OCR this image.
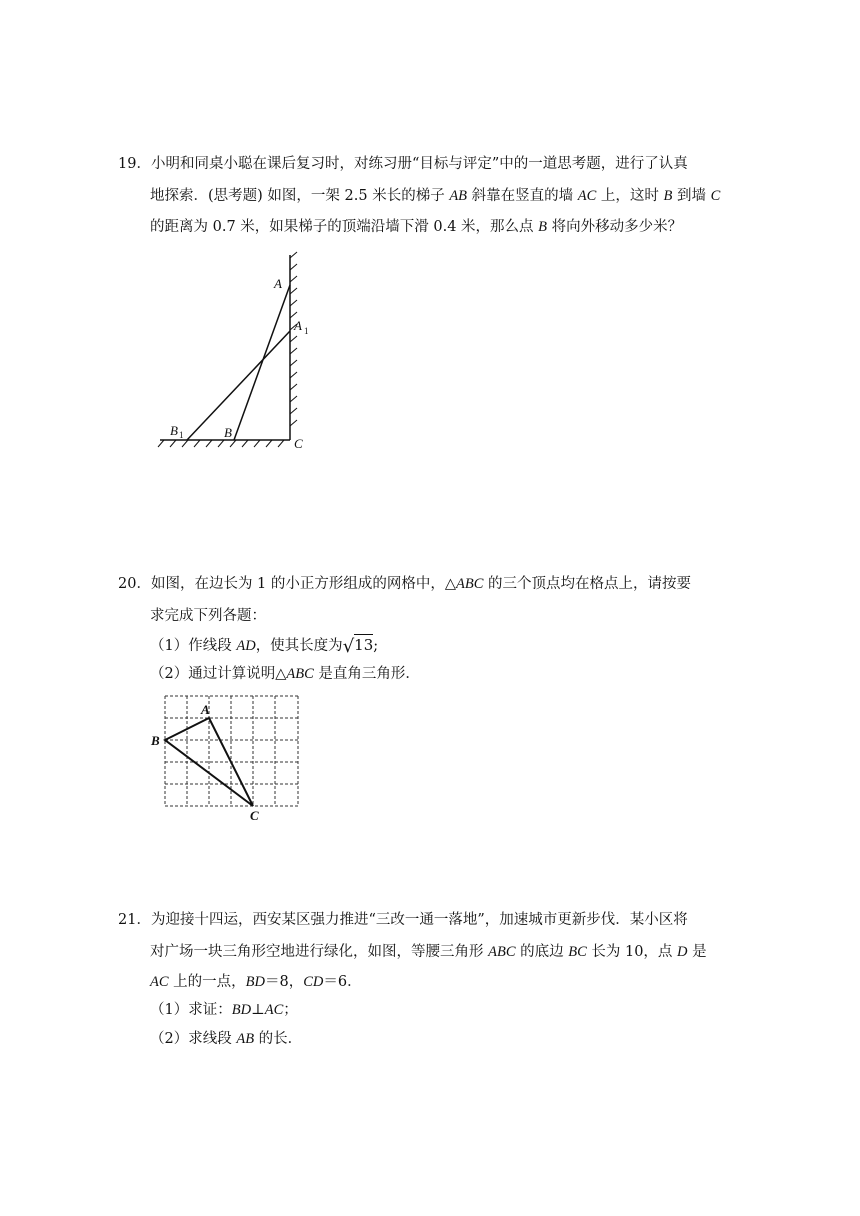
19．小明和同桌小聪在课后复习时，对练习册“目标与评定”中的一道思考题，进行了认真
地探索．(思考题) 如图，一架 2.5 米长的梯子 AB 斜靠在竖直的墙 AC 上，这时 B 到墙 C
的距离为 0.7 米，如果梯子的顶端沿墙下滑 0.4 米，那么点 B 将向外移动多少米？
A
A 1
B 1	B
C
20．如图，在边长为 1 的小正方形组成的网格中，△ABC 的三个顶点均在格点上，请按要
求完成下列各题：
（1）作线段 AD，使其长度为√13;
（2）通过计算说明△ABC 是直角三角形．
A
B
C
21．为迎接十四运，西安某区强力推进“三改一通一落地”，加速城市更新步伐．某小区将
对广场一块三角形空地进行绿化，如图，等腰三角形 ABC 的底边 BC 长为 10，点 D 是
AC 上的一点，BD＝8，CD＝6．
（1）求证：BD⊥AC；
（2）求线段 AB 的长．
